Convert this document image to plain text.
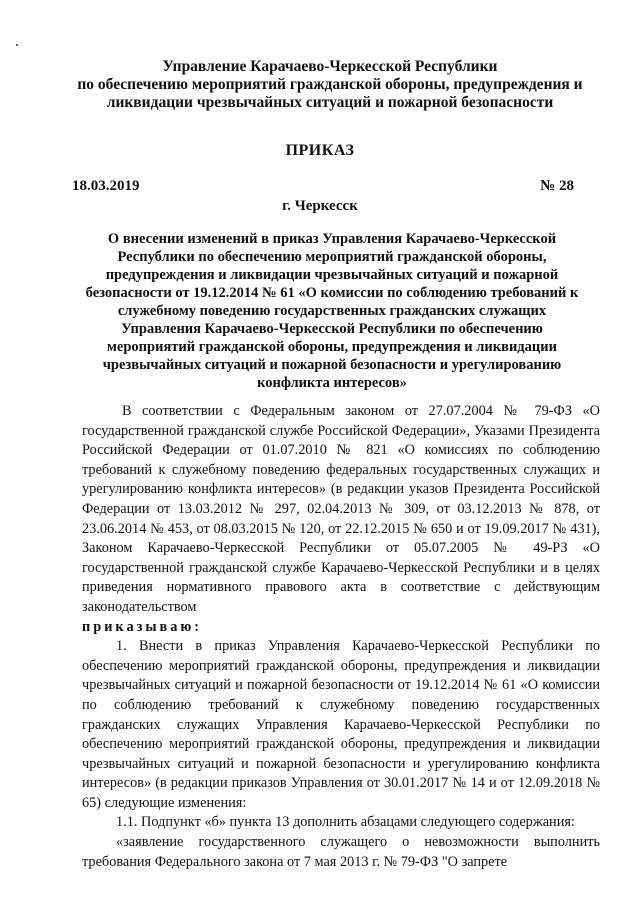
Управление Карачаево-Черкесской Республики
по обеспечению мероприятий гражданской обороны, предупреждения и
ликвидации чрезвычайных ситуаций и пожарной безопасности
ПРИКАЗ
18.03.2019	№ 28
г. Черкесск
О внесении изменений в приказ Управления Карачаево-Черкесской
Республики по обеспечению мероприятий гражданской обороны,
предупреждения и ликвидации чрезвычайных ситуаций и пожарной
безопасности от 19.12.2014 № 61 «О комиссии по соблюдению требований к
служебному поведению государственных гражданских служащих
Управления Карачаево-Черкесской Республики по обеспечению
мероприятий гражданской обороны, предупреждения и ликвидации
чрезвычайных ситуаций и пожарной безопасности и урегулированию
конфликта интересов»

В соответствии с Федеральным законом от 27.07.2004 № 79-ФЗ «О государственной гражданской службе Российской Федерации», Указами Президента Российской Федерации от 01.07.2010 № 821 «О комиссиях по соблюдению требований к служебному поведению федеральных государственных служащих и урегулированию конфликта интересов» (в редакции указов Президента Российской Федерации от 13.03.2012 № 297, 02.04.2013 № 309, от 03.12.2013 № 878, от 23.06.2014 № 453, от 08.03.2015 № 120, от 22.12.2015 № 650 и от 19.09.2017 № 431), Законом Карачаево-Черкесской Республики от 05.07.2005 № 49-РЗ «О государственной гражданской службе Карачаево-Черкесской Республики и в целях приведения нормативного правового акта в соответствие с действующим законодательством

приказываю:

1. Внести в приказ Управления Карачаево-Черкесской Республики по обеспечению мероприятий гражданской обороны, предупреждения и ликвидации чрезвычайных ситуаций и пожарной безопасности от 19.12.2014 № 61 «О комиссии по соблюдению требований к служебному поведению государственных гражданских служащих Управления Карачаево-Черкесской Республики по обеспечению мероприятий гражданской обороны, предупреждения и ликвидации чрезвычайных ситуаций и пожарной безопасности и урегулированию конфликта интересов» (в редакции приказов Управления от 30.01.2017 № 14 и от 12.09.2018 № 65) следующие изменения:

1.1. Подпункт «б» пункта 13 дополнить абзацами следующего содержания:

«заявление государственного служащего о невозможности выполнить требования Федерального закона от 7 мая 2013 г. № 79-ФЗ "О запрете
